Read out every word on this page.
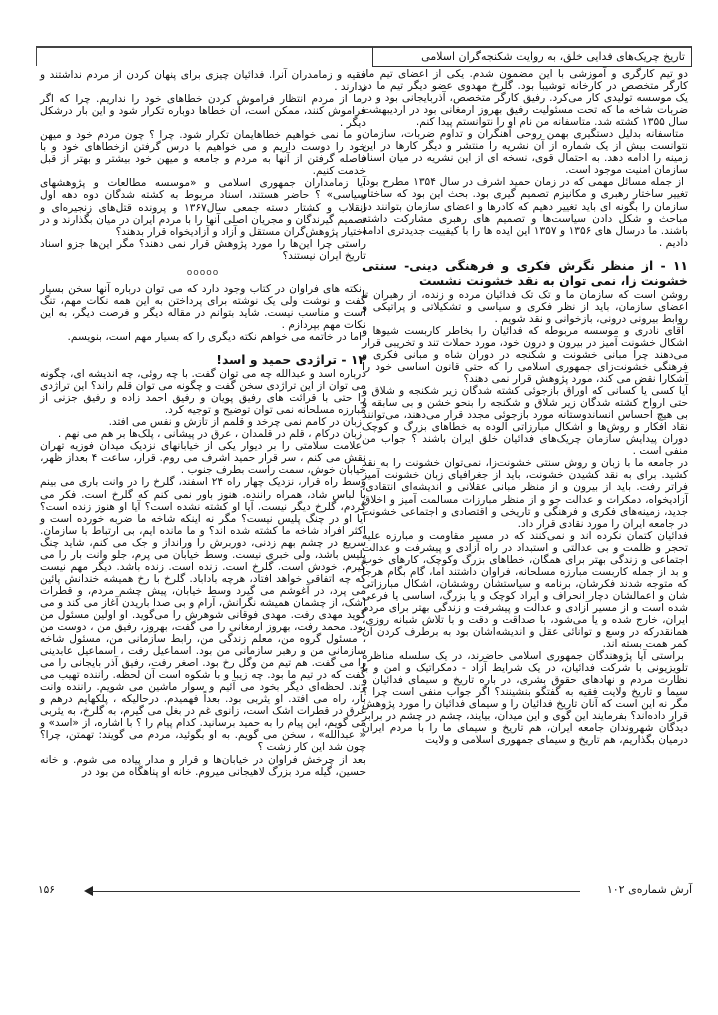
تاریخ چریک‌های فدایی خلق، به روایت شکنجه‌گران اسلامی

دو تیم کارگری و آموزشی با این مضمون شدم. یکی از اعضای تیم ما، کارگر متخصص در کارخانه توشیبا بود. گلرخ مهدوی عضو دیگر تیم ما در یک موسسه تولیدی کار می‌کرد. رفیق کارگر متخصص، آذربایجانی بود و در ضربات شاخه ما که تحت مسئولیت رفیق بهروز ارمغانی بود در اردیبهشت سال ۱۳۵۵ کشته شد. متاسفانه من نام او را نتوانستم پیدا کنم.

متاسفانه بدلیل دستگیری بهمن روحی آهنگران و تداوم ضربات، سازمان نتوانست بیش از یک شماره از آن نشریه را منتشر و دیگر کارها در این زمینه را ادامه دهد. به احتمال قوی، نسخه ای از این نشریه در میان اسناد سازمان امنیت موجود است.

از جمله مسائل مهمی که در زمان حمید اشرف در سال ۱۳۵۴ مطرح بود، تغییر ساختار رهبری و مکانیزم تصمیم گیری بود. بحث این بود که ساختار سازمان را بگونه ای باید تغییر دهیم که کادرها و اعضای سازمان بتوانند در مباحث و شکل دادن سیاست‌ها و تصمیم های رهبری مشارکت داشته باشند. ما درسال های ۱۳۵۶ و ۱۳۵۷ این ایده ها را با کیفییت جدیدتری ادامه دادیم .

۱۱ - از منظر نگرش فکری و فرهنگی دینی- سنتی خشونت زا، نمی توان به نقد خشونت نشست

روشن است که سازمان ما و تک تک فدائیان مرده و زنده، از رهبران تا اعضای سازمان، باید از نظر فکری و سیاسی و تشکیلاتی و پراتیکی و روابط بیرونی درونی، بازخوانی و نقد شویم .

آقای نادری و موسسه مربوطه که فدائیان را بخاطر کاربست شیوها و اشکال خشونت آمیز در بیرون و درون خود، مورد حملات تند و تخریبی قرار می‌دهند چرا مبانی خشونت و شکنجه در دوران شاه و مبانی فکری و فرهنگی خشونت‌زای جمهوری اسلامی را که حتی قانون اساسی خود را آشکارا نقض می کند، مورد پژوهش قرار نمی دهند؟

آیا کسی یا کسانی که اوراق بازجوئی کشته شدگان زیر شکنجه و شلاق و حتی ارواح کشته شدگان زیر شلاق و شکنجه را بنحو خشن و بی سابقه و بی هیچ احساس انساندوستانه مورد بازجوئی مجدد قرار می‌دهند، می‌توانند نقاد افکار و روش‌ها و اشکال مبارزاتی آلوده به خطاهای بزرگ و کوچک دوران پیدایش سازمان چریک‌های فدائیان خلق ایران باشند ؟ جواب من منفی است .

در جامعه ما با زبان و روش سنتی خشونت‌زا، نمی‌توان خشونت را به نقد کشید. برای به نقد کشیدن خشونت، باید از جغرافیای زبان خشونت آمیز فراتر رفت. باید از بیرون و از منظر مبانی عقلانی و اندیشه‌ای انتقادی، آزادیخواه، دمکرات و عدالت جو و از منظر مبارزات مسالمت آمیز و اخلاق جدید، زمینه‌های فکری و فرهنگی و تاریخی و اقتصادی و اجتماعی خشونت در جامعه ایران را مورد نقادی قرار داد.

فدائیان کتمان نکرده اند و نمی‌کنند که در مسیر مقاومت و مبارزه علیه تحجر و ظلمت و بی عدالتی و استبداد در راه آزادی و پیشرفت و عدالت اجتماعی و زندگی بهتر برای همگان، خطاهای بزرگ وکوچک، کارهای خوب و بد از جمله کاربست مبارزه مسلحانه، فراوان داشتند اما، گام بگام هرجا که متوجه شدند فکرشان، برنامه و سیاستشان روششان، اشکال مبارزاتی شان و اعمالشان دچار انحراف و ایراد کوچک و یا بزرگ، اساسی یا فرعی شده است و از مسیر آزادی و عدالت و پیشرفت و زندگی بهتر برای مردم ایران، خارج شده و یا می‌شود، با صداقت و دقت و با تلاش شبانه روزی، همانقدرکه در وسع و توانائی عقل و اندیشه‌اشان بود به برطرف کردن آن کمر همت بسته اند.

براستی آیا پژوهندگان جمهوری اسلامی حاضرند، در یک سلسله مناظره تلویزیونی با شرکت فدائیان، در یک شرایط آزاد - دمکراتیک و امن و با نظارت مردم و نهادهای حقوق بشری، در باره تاریخ و سیمای فدائیان و سیما و تاریخ ولایت فقیه به گفتگو بنشینند؟ اگر جواب منفی است چرا ؟ مگر نه این است که آنان تاریخ فدائیان را و سیمای فدائیان را مورد پژوهش قرار داده‌اند؟ بفرمایند این گوی و این میدان، بیایند، چشم در چشم در برابر دیدگان شهروندان جامعه ایران، هم تاریخ و سیمای ما را با مردم ایران درمیان بگذاریم، هم تاریخ و سیمای جمهوری اسلامی و ولایت

فقیه و زمامدران آنرا. فدائیان چیزی برای پنهان کردن از مردم نداشتند و ندارند .

ما از مردم انتظار فراموش کردن خطاهای خود را نداریم. چرا که اگر فراموش کنند، ممکن است، آن خطاها دوباره تکرار شود و این بار درشکل دیگر .

و ما نمی خواهیم خطاهایمان تکرار شود. چرا ؟ چون مردم خود و میهن خود را دوست داریم و می خواهیم با درس گرفتن ازخطاهای خود و با فاصله گرفتن از آنها به مردم و جامعه و میهن خود بیشتر و بهتر از قبل خدمت کنیم.

آیا زمامداران جمهوری اسلامی و «موسسه مطالعات و پژوهشهای سیاسی» ؟ حاضر هستند، اسناد مربوط به کشته شدگان دوه دهه اول انقلاب و کشتار دسته جمعی سال۱۳۶۷ و پرونده قتل‌های زنجیره‌ای و تصمیم گیرندگان و مجریان اصلی آنها را با مردم ایران در میان بگذارند و در اختیار پژوهش‌گران مستقل و آزاد و آزادیخواه قرار بدهند؟

راستی چرا این‌ها را مورد پژوهش قرار نمی دهند؟ مگر این‌ها جزو اسناد تاریخ ایران نیستند؟

ooooo

نکته های فراوان در کتاب وجود دارد که می توان درباره آنها سخن بسیار گفت و نوشت ولی یک نوشته برای پرداختن به این همه نکات مهم، تنگ است و مناسب نیست. شاید بتوانم در مقاله دیگر و فرصت دیگر، به این نکات مهم بپردازم .

اما در خاتمه می خواهم نکته دیگری را که بسیار مهم است، بنویسم.

۱۲ - تراژدی حمید و اسد!

درباره اسد و عبدالله چه می توان گفت. با چه روئی، چه اندیشه ای، چگونه می توان از این تراژدی سخن گفت و چگونه می توان قلم راند؟ این تراژدی را حتی با قرائت های رفیق پویان و رفیق احمد زاده و رفیق جزنی از مبارزه مسلحانه نمی توان توضیح و توجیه کرد.

زبان در کامم نمی چرخد و قلمم از تازش و نفس می افتد.

زبان درکام ، قلم در قلمدان ، عرق در پیشانی ، پلک‌ها بر هم می نهم .

علامت سلامتی را بر دیوار یکی از خیابانهای نزدیک میدان فوزیه تهران نقش می کنم ، سر قرار حمید اشرف می روم. قرار، ساعت ۴ بعداز ظهر، خیابان خوش، سمت راست بطرف جنوب .

وسط راه قرار، نزدیک چهار راه ۲۴ اسفند، گلرخ را در وانت باری می بینم با لباس شاد، همراه راننده. هنوز باور نمی کنم که گلرخ است. فکر می کردم، گلرخ دیگر نیست. آیا او کشته نشده است؟ آیا او هنوز زنده است؟ آیا او در چنگ پلیس نیست؟ مگر نه اینکه شاخه ما ضربه خورده است و اکثر افراد شاخه ما کشته شده اند؟ و ما مانده ایم، بی ارتباط با سازمان. سریع در چشم بهم زدنی، دوربرش را ورانداز و جک می کنم، شاید چنگ پلیس باشد، ولی خبری نیست. وسط خیابان می پرم، جلو وانت بار را می گیرم. خودش است. گلرخ است. زنده است. زنده باشد. دیگر مهم نیست که چه اتفاقی خواهد افتاد، هرچه باداباد. گلرخ با رخ همیشه خندانش پائین می پرد، در آغوشم می گیرد وسط خیابان، پیش چشم مردم، و قطرات اشک، از چشمان همیشه نگرانش، آرام و بی صدا باریدن آغاز می کند و می گوید مهدی رفت. مهدی فوقانی شوهرش را می‌گوید. او اولین مسئول من بود. محمد رفت، بهروز ارمغانی را می گفت، بهروز، رفیق من ، دوست من ، مسئول گروه من، معلم زندگی من، رابط سازمانی من، مسئول شاخه سازمانی من و رهبر سازمانی من بود. اسماعیل رفت ، اسماعیل عابدینی را می گفت. هم تیم من وگل رخ بود. اصغر رفت، رفیق آذر بایجانی را می گفت که در تیم ما بود. چه زیبا و با شکوه است آن لحظه. راننده تهیب می زند. لحظه‌ای دیگر بخود می آئیم و سوار ماشین می شویم. راننده وانت بار، راه می افتد. او یثربی بود. بعداً فهمیدم. درحالیکه ، پلکهایم درهم و غرق در قطرات اشک است، زانوی غم در بغل می گیرم، به گلرخ، به یثربی می گویم، این پیام را به حمید برسانید. کدام پیام را ؟ با اشاره، از «اسد» و « عبدالله» ، سخن می گویم. به او بگوئید، مردم می گویند: تهمتن، چرا؟ چون شد این کار زشت ؟

بعد از چرخش فراوان در خیابان‌ها و قرار و مدار پیاده می شوم. و خانه حسین، گیله مرد بزرگ لاهیجانی میروم. خانه او پناهگاه من بود در

۱۵۶	آرش شماره‌ی ۱۰۲
